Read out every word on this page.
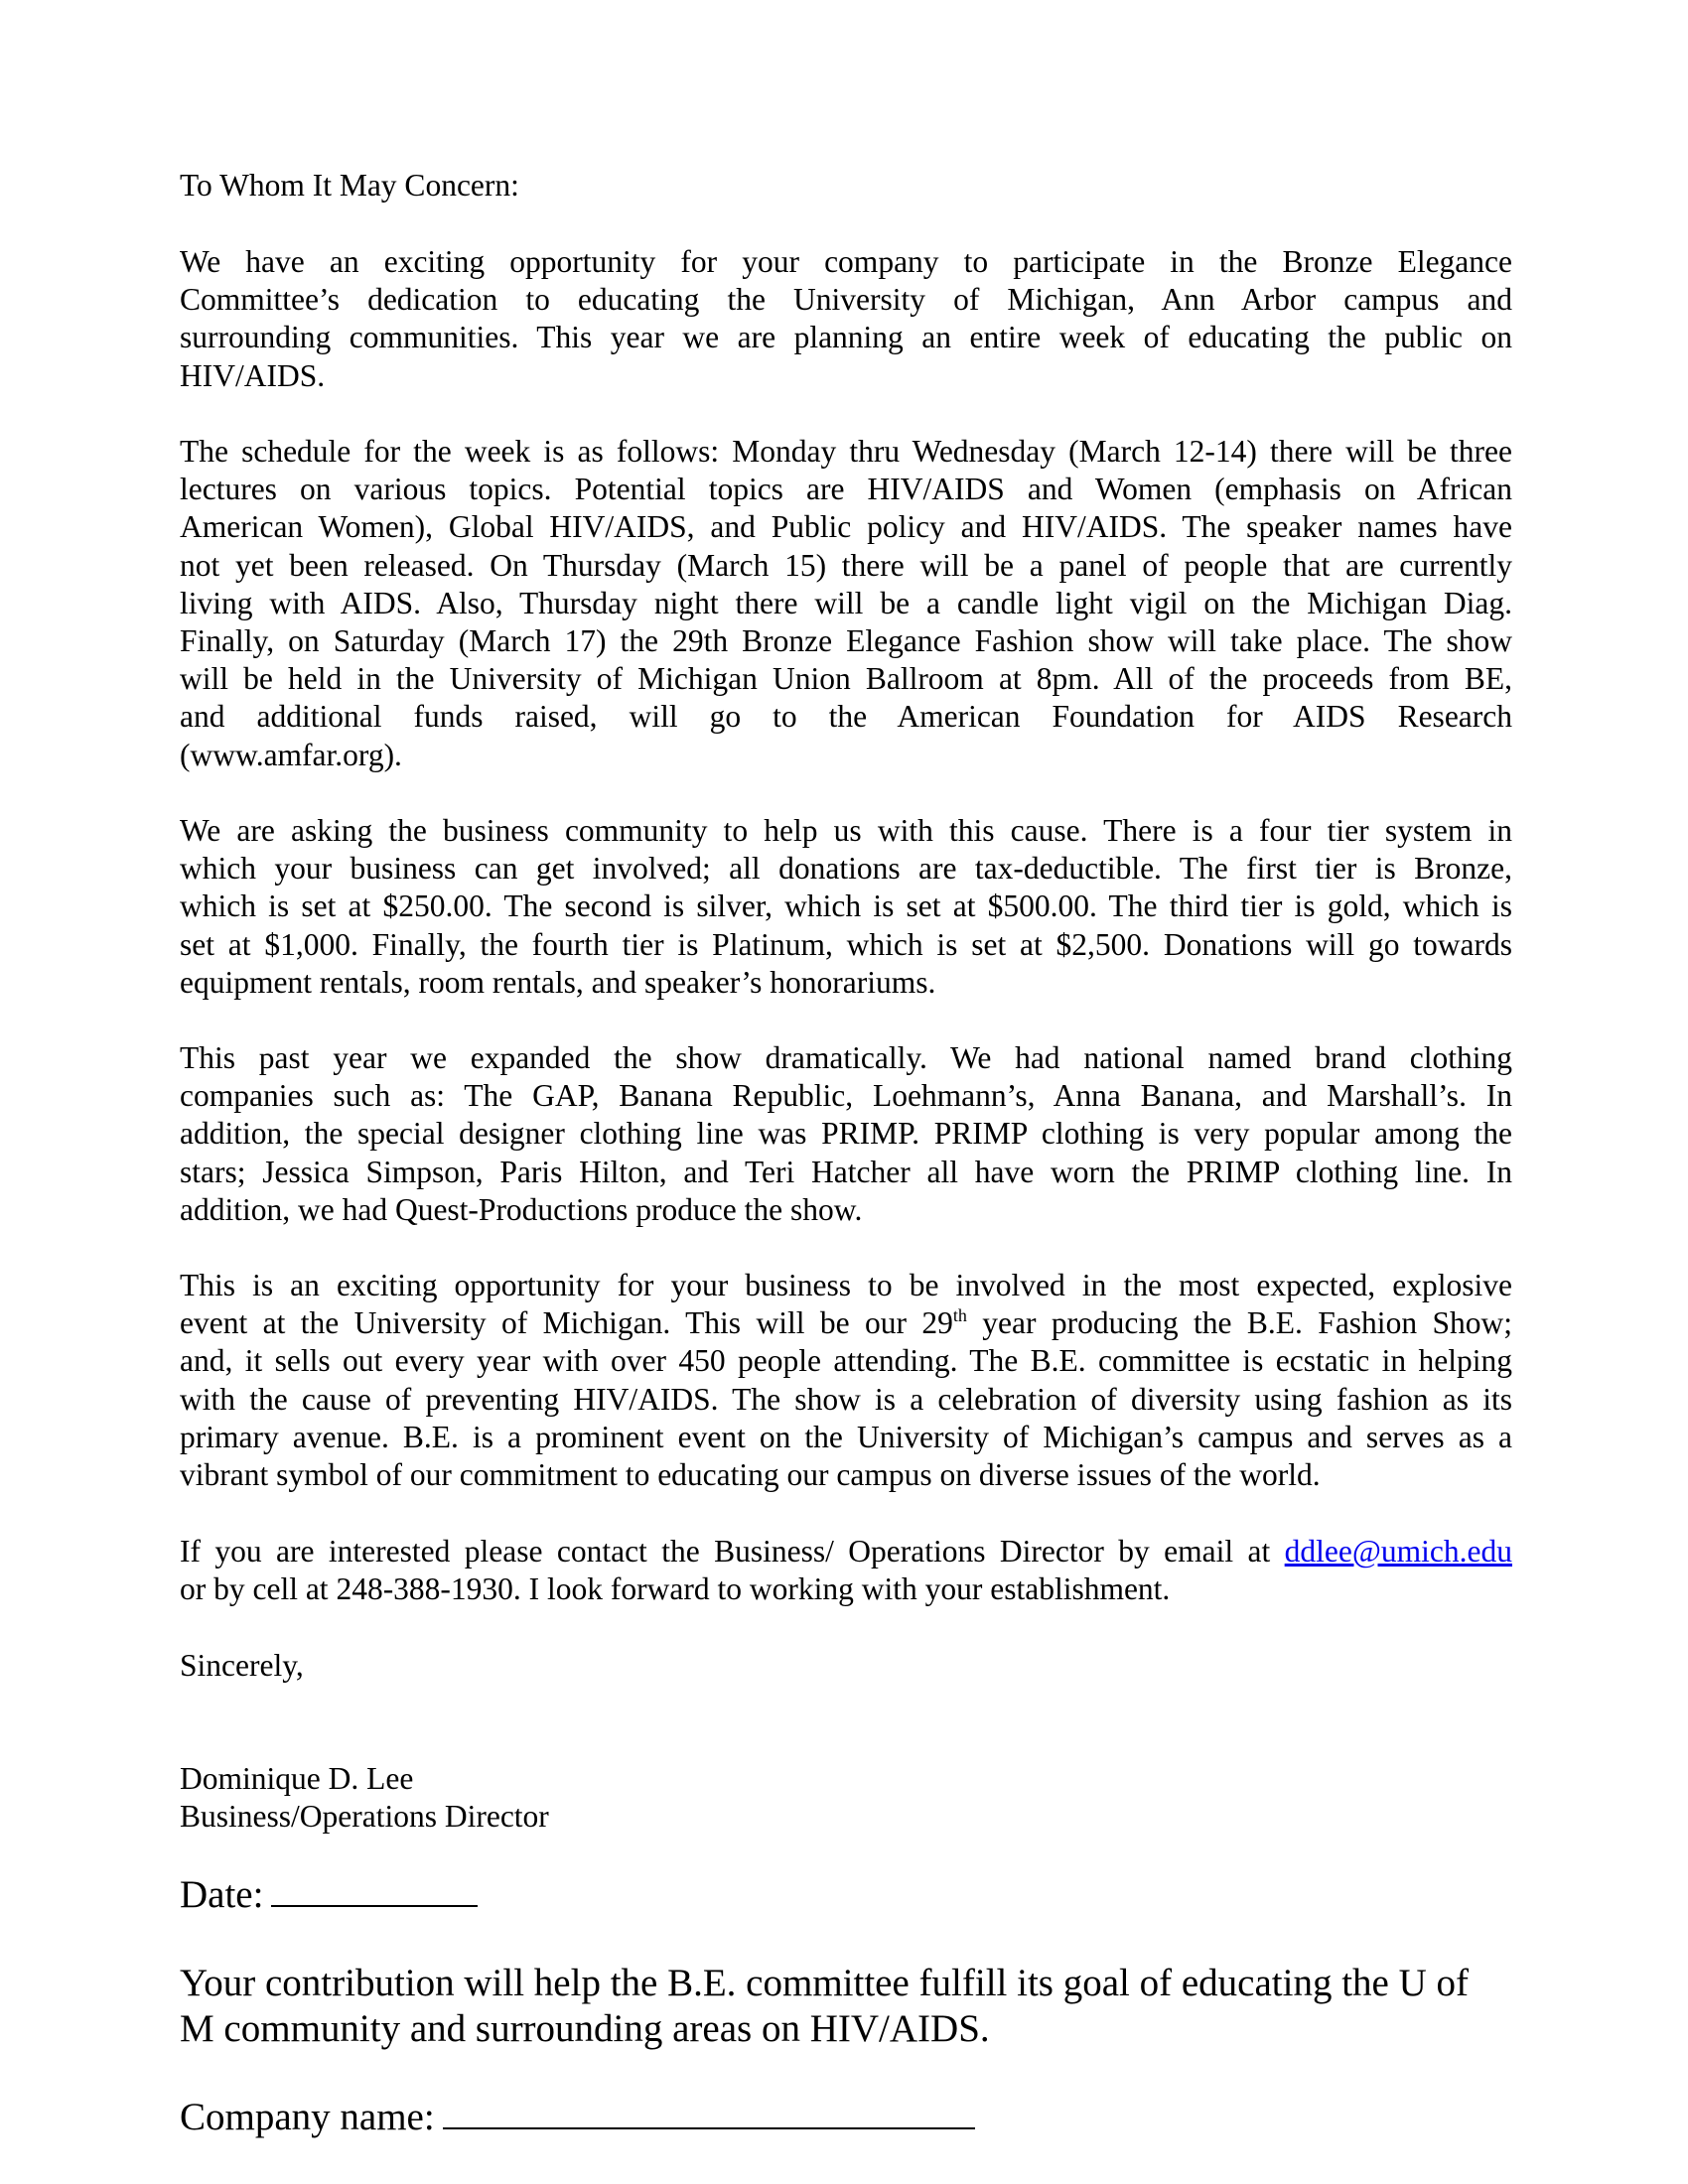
To Whom It May Concern:
We have an exciting opportunity for your company to participate in the Bronze Elegance
Committee’s dedication to educating the University of Michigan, Ann Arbor campus and
surrounding communities. This year we are planning an entire week of educating the public on
HIV/AIDS.
The schedule for the week is as follows: Monday thru Wednesday (March 12-14) there will be three
lectures on various topics. Potential topics are HIV/AIDS and Women (emphasis on African
American Women), Global HIV/AIDS, and Public policy and HIV/AIDS. The speaker names have
not yet been released. On Thursday (March 15) there will be a panel of people that are currently
living with AIDS. Also, Thursday night there will be a candle light vigil on the Michigan Diag.
Finally, on Saturday (March 17) the 29th Bronze Elegance Fashion show will take place. The show
will be held in the University of Michigan Union Ballroom at 8pm. All of the proceeds from BE,
and additional funds raised, will go to the American Foundation for AIDS Research
(www.amfar.org).
We are asking the business community to help us with this cause. There is a four tier system in
which your business can get involved; all donations are tax-deductible. The first tier is Bronze,
which is set at $250.00. The second is silver, which is set at $500.00. The third tier is gold, which is
set at $1,000. Finally, the fourth tier is Platinum, which is set at $2,500. Donations will go towards
equipment rentals, room rentals, and speaker’s honorariums.
This past year we expanded the show dramatically. We had national named brand clothing
companies such as: The GAP, Banana Republic, Loehmann’s, Anna Banana, and Marshall’s. In
addition, the special designer clothing line was PRIMP. PRIMP clothing is very popular among the
stars; Jessica Simpson, Paris Hilton, and Teri Hatcher all have worn the PRIMP clothing line. In
addition, we had Quest-Productions produce the show.
This is an exciting opportunity for your business to be involved in the most expected, explosive
event at the University of Michigan. This will be our 29th year producing the B.E. Fashion Show;
and, it sells out every year with over 450 people attending. The B.E. committee is ecstatic in helping
with the cause of preventing HIV/AIDS. The show is a celebration of diversity using fashion as its
primary avenue. B.E. is a prominent event on the University of Michigan’s campus and serves as a
vibrant symbol of our commitment to educating our campus on diverse issues of the world.
If you are interested please contact the Business/ Operations Director by email at ddlee@umich.edu
or by cell at 248-388-1930. I look forward to working with your establishment.
Sincerely,
Dominique D. Lee
Business/Operations Director
Date:
Your contribution will help the B.E. committee fulfill its goal of educating the U of
M community and surrounding areas on HIV/AIDS.
Company name:
